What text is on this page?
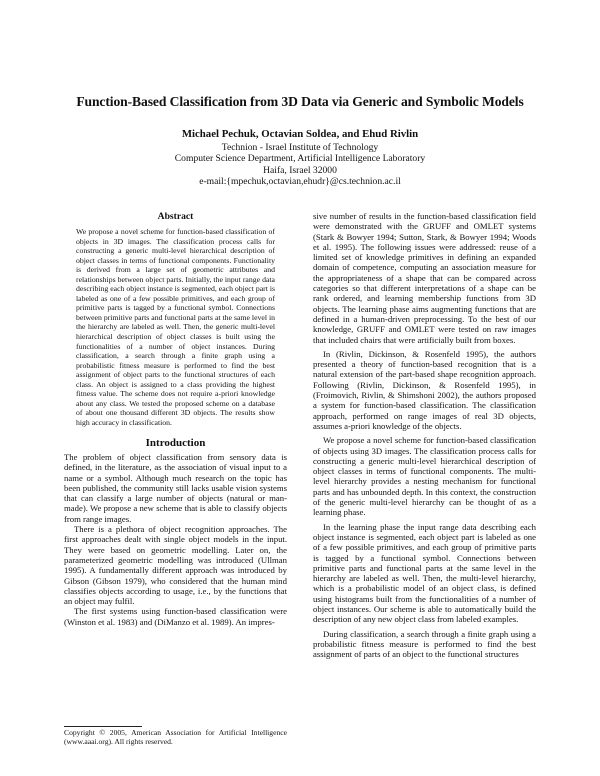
Function-Based Classification from 3D Data via Generic and Symbolic Models
Michael Pechuk, Octavian Soldea, and Ehud Rivlin
Technion - Israel Institute of Technology
Computer Science Department, Artificial Intelligence Laboratory
Haifa, Israel 32000
e-mail:{mpechuk,octavian,ehudr}@cs.technion.ac.il
Abstract

We propose a novel scheme for function-based classification of objects in 3D images. The classification process calls for constructing a generic multi-level hierarchical description of object classes in terms of functional components. Functionality is derived from a large set of geometric attributes and relationships between object parts. Initially, the input range data describing each object instance is segmented, each object part is labeled as one of a few possible primitives, and each group of primitive parts is tagged by a functional symbol. Connections between primitive parts and functional parts at the same level in the hierarchy are labeled as well. Then, the generic multi-level hierarchical description of object classes is built using the functionalities of a number of object instances. During classification, a search through a finite graph using a probabilistic fitness measure is performed to find the best assignment of object parts to the functional structures of each class. An object is assigned to a class providing the highest fitness value. The scheme does not require a-priori knowledge about any class. We tested the proposed scheme on a database of about one thousand different 3D objects. The results show high accuracy in classification.

Introduction

The problem of object classification from sensory data is defined, in the literature, as the association of visual input to a name or a symbol. Although much research on the topic has been published, the community still lacks usable vision systems that can classify a large number of objects (natural or man-made). We propose a new scheme that is able to classify objects from range images.

There is a plethora of object recognition approaches. The first approaches dealt with single object models in the input. They were based on geometric modelling. Later on, the parameterized geometric modelling was introduced (Ullman 1995). A fundamentally different approach was introduced by Gibson (Gibson 1979), who considered that the human mind classifies objects according to usage, i.e., by the functions that an object may fulfil.

The first systems using function-based classification were (Winston et al. 1983) and (DiManzo et al. 1989). An impres-

Copyright © 2005, American Association for Artificial Intelligence (www.aaai.org). All rights reserved.

sive number of results in the function-based classification field were demonstrated with the GRUFF and OMLET systems (Stark & Bowyer 1994; Sutton, Stark, & Bowyer 1994; Woods et al. 1995). The following issues were addressed: reuse of a limited set of knowledge primitives in defining an expanded domain of competence, computing an association measure for the appropriateness of a shape that can be compared across categories so that different interpretations of a shape can be rank ordered, and learning membership functions from 3D objects. The learning phase aims augmenting functions that are defined in a human-driven preprocessing. To the best of our knowledge, GRUFF and OMLET were tested on raw images that included chairs that were artificially built from boxes.

In (Rivlin, Dickinson, & Rosenfeld 1995), the authors presented a theory of function-based recognition that is a natural extension of the part-based shape recognition approach. Following (Rivlin, Dickinson, & Rosenfeld 1995), in (Froimovich, Rivlin, & Shimshoni 2002), the authors proposed a system for function-based classification. The classification approach, performed on range images of real 3D objects, assumes a-priori knowledge of the objects.

We propose a novel scheme for function-based classification of objects using 3D images. The classification process calls for constructing a generic multi-level hierarchical description of object classes in terms of functional components. The multi-level hierarchy provides a nesting mechanism for functional parts and has unbounded depth. In this context, the construction of the generic multi-level hierarchy can be thought of as a learning phase.

In the learning phase the input range data describing each object instance is segmented, each object part is labeled as one of a few possible primitives, and each group of primitive parts is tagged by a functional symbol. Connections between primitive parts and functional parts at the same level in the hierarchy are labeled as well. Then, the multi-level hierarchy, which is a probabilistic model of an object class, is defined using histograms built from the functionalities of a number of object instances. Our scheme is able to automatically build the description of any new object class from labeled examples.

During classification, a search through a finite graph using a probabilistic fitness measure is performed to find the best assignment of parts of an object to the functional structures
